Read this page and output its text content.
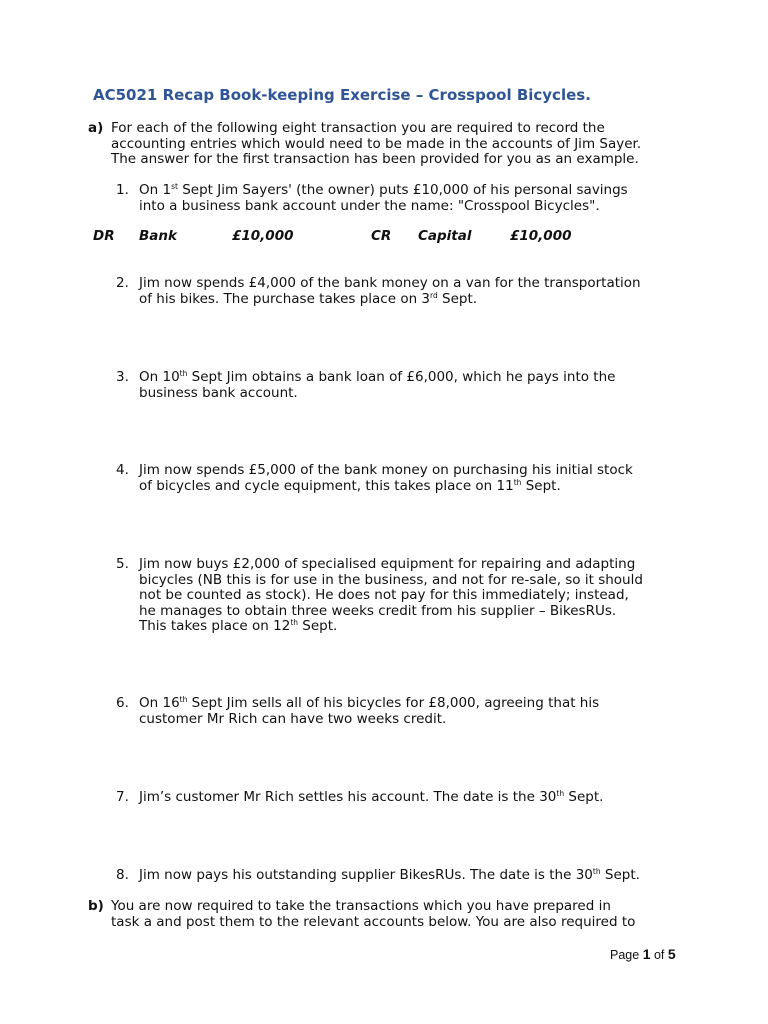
AC5021 Recap Book-keeping Exercise – Crosspool Bicycles.
a) For each of the following eight transaction you are required to record the

accounting entries which would need to be made in the accounts of Jim Sayer.

The answer for the first transaction has been provided for you as an example.

1. On 1st Sept Jim Sayers' (the owner) puts £10,000 of his personal savings

into a business bank account under the name: "Crosspool Bicycles".

DR Bank	£10,000	CR Capital	£10,000
2. Jim now spends £4,000 of the bank money on a van for the transportation

of his bikes. The purchase takes place on 3rd Sept.

3. On 10th Sept Jim obtains a bank loan of £6,000, which he pays into the

business bank account.

4. Jim now spends £5,000 of the bank money on purchasing his initial stock

of bicycles and cycle equipment, this takes place on 11th Sept.

5. Jim now buys £2,000 of specialised equipment for repairing and adapting

bicycles (NB this is for use in the business, and not for re-sale, so it should

not be counted as stock). He does not pay for this immediately; instead,

he manages to obtain three weeks credit from his supplier – BikesRUs.

This takes place on 12th Sept.

6. On 16th Sept Jim sells all of his bicycles for £8,000, agreeing that his

customer Mr Rich can have two weeks credit.

7. Jim’s customer Mr Rich settles his account. The date is the 30th Sept.

8. Jim now pays his outstanding supplier BikesRUs. The date is the 30th Sept.

b) You are now required to take the transactions which you have prepared in

task a and post them to the relevant accounts below. You are also required to

Page 1 of 5
